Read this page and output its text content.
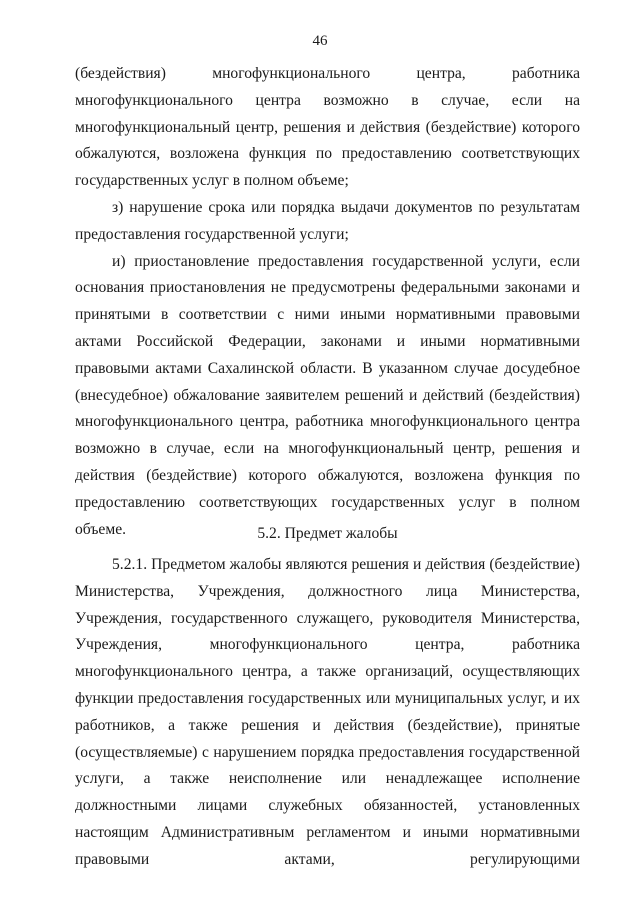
46

(бездействия) многофункционального центра, работника многофункционального центра возможно в случае, если на многофункциональный центр, решения и действия (бездействие) которого обжалуются, возложена функция по предоставлению соответствующих государственных услуг в полном объеме;

з) нарушение срока или порядка выдачи документов по результатам предоставления государственной услуги;

и) приостановление предоставления государственной услуги, если основания приостановления не предусмотрены федеральными законами и принятыми в соответствии с ними иными нормативными правовыми актами Российской Федерации, законами и иными нормативными правовыми актами Сахалинской области. В указанном случае досудебное (внесудебное) обжалование заявителем решений и действий (бездействия) многофункционального центра, работника многофункционального центра возможно в случае, если на многофункциональный центр, решения и действия (бездействие) которого обжалуются, возложена функция по предоставлению соответствующих государственных услуг в полном объеме.	5.2. Предмет жалобы

5.2.1. Предметом жалобы являются решения и действия (бездействие) Министерства, Учреждения, должностного лица Министерства, Учреждения, государственного служащего, руководителя Министерства, Учреждения, многофункционального центра, работника многофункционального центра, а также организаций, осуществляющих функции предоставления государственных или муниципальных услуг, и их работников, а также решения и действия (бездействие), принятые (осуществляемые) с нарушением порядка предоставления государственной услуги, а также неисполнение или ненадлежащее исполнение должностными лицами служебных обязанностей, установленных настоящим Административным регламентом и иными нормативными правовыми актами, регулирующими
